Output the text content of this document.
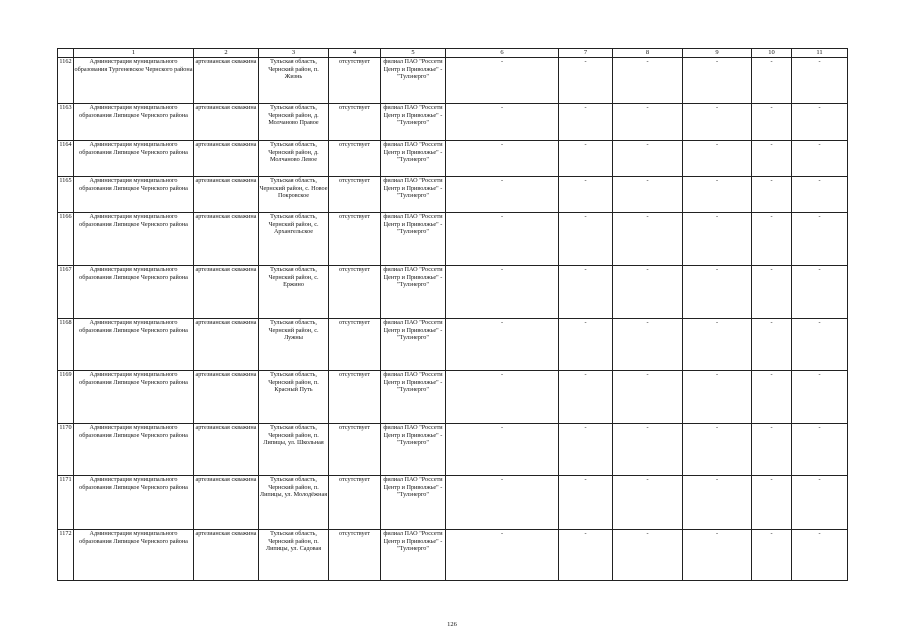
	1	2	3	4	5	6	7	8	9	10	11
1162	Администрация муниципального образования Тургеневское Чернского района	артезианская скважина	Тульская область, Чернский район, п. Жизнь	отсутствует	филиал ПАО "Россети Центр и Приволжье" - "Тулэнерго"	-	-	-	-	-	-
1163	Администрация муниципального образования Липицкое Чернского района	артезианская скважина	Тульская область, Чернский район, д. Молчаново Правое	отсутствует	филиал ПАО "Россети Центр и Приволжье" - "Тулэнерго"	-	-	-	-	-	-
1164	Администрация муниципального образования Липицкое Чернского района	артезианская скважина	Тульская область, Чернский район, д. Молчаново Левое	отсутствует	филиал ПАО "Россети Центр и Приволжье" - "Тулэнерго"	-	-	-	-	-	-
1165	Администрация муниципального образования Липицкое Чернского района	артезианская скважина	Тульская область, Чернский район, с. Новое Покровское	отсутствует	филиал ПАО "Россети Центр и Приволжье" - "Тулэнерго"	-	-	-	-	-	-
1166	Администрация муниципального образования Липицкое Чернского района	артезианская скважина	Тульская область, Чернский район, с. Архангельское	отсутствует	филиал ПАО "Россети Центр и Приволжье" - "Тулэнерго"	-	-	-	-	-	-
1167	Администрация муниципального образования Липицкое Чернского района	артезианская скважина	Тульская область, Чернский район, с. Ержино	отсутствует	филиал ПАО "Россети Центр и Приволжье" - "Тулэнерго"	-	-	-	-	-	-
1168	Администрация муниципального образования Липицкое Чернского района	артезианская скважина	Тульская область, Чернский район, с. Лужны	отсутствует	филиал ПАО "Россети Центр и Приволжье" - "Тулэнерго"	-	-	-	-	-	-
1169	Администрация муниципального образования Липицкое Чернского района	артезианская скважина	Тульская область, Чернский район, п. Красный Путь	отсутствует	филиал ПАО "Россети Центр и Приволжье" - "Тулэнерго"	-	-	-	-	-	-
1170	Администрация муниципального образования Липицкое Чернского района	артезианская скважина	Тульская область, Чернский район, п. Липицы, ул. Школьная	отсутствует	филиал ПАО "Россети Центр и Приволжье" - "Тулэнерго"	-	-	-	-	-	-
1171	Администрация муниципального образования Липицкое Чернского района	артезианская скважина	Тульская область, Чернский район, п. Липицы, ул. Молодёжная	отсутствует	филиал ПАО "Россети Центр и Приволжье" - "Тулэнерго"	-	-	-	-	-	-
1172	Администрация муниципального образования Липицкое Чернского района	артезианская скважина	Тульская область, Чернский район, п. Липицы, ул. Садовая	отсутствует	филиал ПАО "Россети Центр и Приволжье" - "Тулэнерго"	-	-	-	-	-	-
126
